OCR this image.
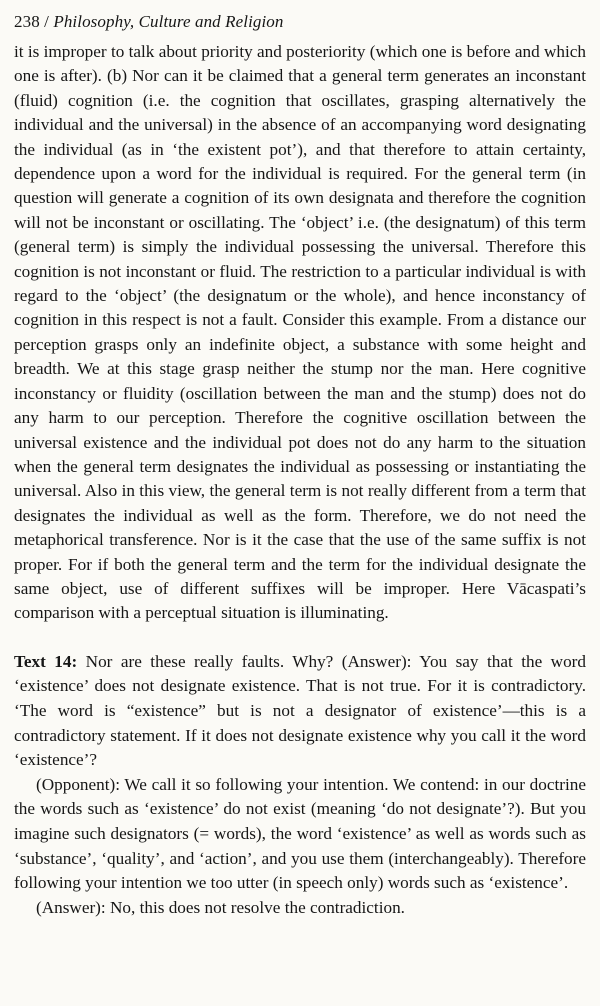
238 / Philosophy, Culture and Religion

it is improper to talk about priority and posteriority (which one is before and which one is after). (b) Nor can it be claimed that a general term generates an inconstant (fluid) cognition (i.e. the cognition that oscillates, grasping alternatively the individual and the universal) in the absence of an accompanying word designating the individual (as in ‘the existent pot’), and that therefore to attain certainty, dependence upon a word for the individual is required. For the general term (in question will generate a cognition of its own designata and therefore the cognition will not be inconstant or oscillating. The ‘object’ i.e. (the designatum) of this term (general term) is simply the individual possessing the universal. Therefore this cognition is not inconstant or fluid. The restriction to a particular individual is with regard to the ‘object’ (the designatum or the whole), and hence inconstancy of cognition in this respect is not a fault. Consider this example. From a distance our perception grasps only an indefinite object, a substance with some height and breadth. We at this stage grasp neither the stump nor the man. Here cognitive inconstancy or fluidity (oscillation between the man and the stump) does not do any harm to our perception. Therefore the cognitive oscillation between the universal existence and the individual pot does not do any harm to the situation when the general term designates the individual as possessing or instantiating the universal. Also in this view, the general term is not really different from a term that designates the individual as well as the form. Therefore, we do not need the metaphorical transference. Nor is it the case that the use of the same suffix is not proper. For if both the general term and the term for the individual designate the same object, use of different suffixes will be improper. Here Vācaspati’s comparison with a perceptual situation is illuminating.

Text 14: Nor are these really faults. Why? (Answer): You say that the word ‘existence’ does not designate existence. That is not true. For it is contradictory. ‘The word is “existence” but is not a designator of existence’—this is a contradictory statement. If it does not designate existence why you call it the word ‘existence’?

(Opponent): We call it so following your intention. We contend: in our doctrine the words such as ‘existence’ do not exist (meaning ‘do not designate’?). But you imagine such designators (= words), the word ‘existence’ as well as words such as ‘substance’, ‘quality’, and ‘action’, and you use them (interchangeably). Therefore following your intention we too utter (in speech only) words such as ‘existence’.

(Answer): No, this does not resolve the contradiction.
